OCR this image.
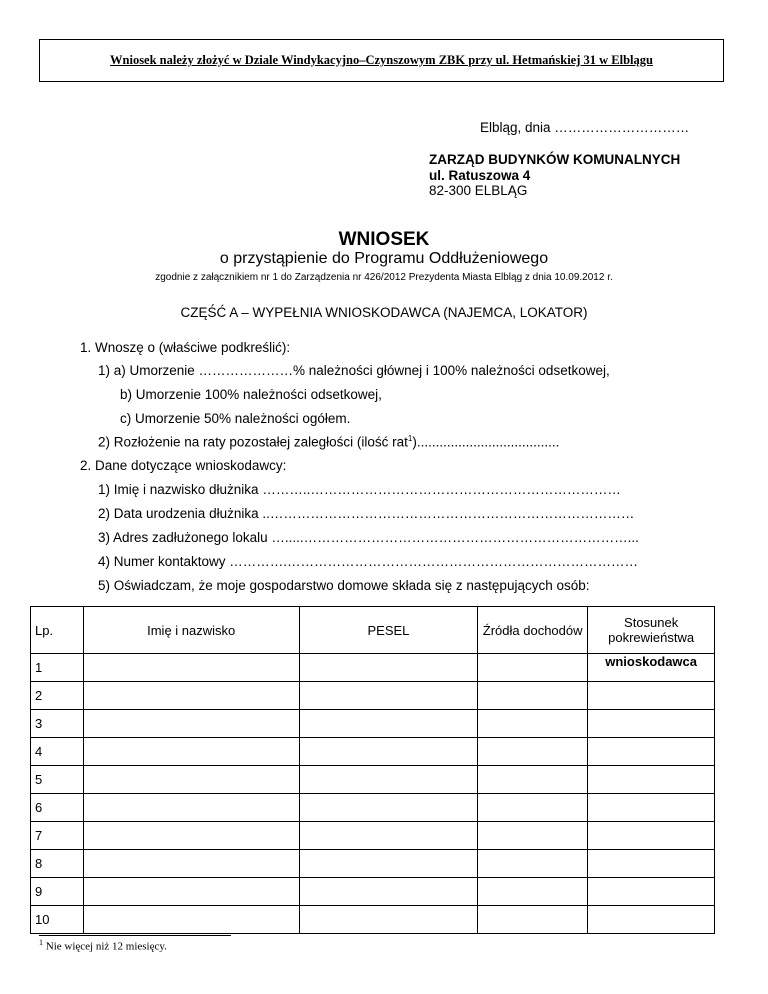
Wniosek należy złożyć w Dziale Windykacyjno–Czynszowym ZBK przy ul. Hetmańskiej 31 w Elblągu
Elbląg, dnia …………………………
ZARZĄD BUDYNKÓW KOMUNALNYCH
ul. Ratuszowa 4
82-300 ELBLĄG
WNIOSEK
o przystąpienie do Programu Oddłużeniowego
zgodnie z załącznikiem nr 1 do Zarządzenia nr 426/2012 Prezydenta Miasta Elbląg z dnia 10.09.2012 r.
CZĘŚĆ A – WYPEŁNIA WNIOSKODAWCA (NAJEMCA, LOKATOR)
1. Wnoszę o (właściwe podkreślić):
1) a) Umorzenie …………………% należności głównej i 100% należności odsetkowej,
b) Umorzenie 100% należności odsetkowej,
c) Umorzenie 50% należności ogółem.
2) Rozłożenie na raty pozostałej zaległości (ilość rat$^1$)......................................
2. Dane dotyczące wnioskodawcy:
1) Imię i nazwisko dłużnika ………..……………………………………………………………
2) Data urodzenia dłużnika ..………………………………………………………………………
3) Adres zadłużonego lokalu ….....………………………………………………………………...
4) Numer kontaktowy ………….……………………………………………………………………
5) Oświadczam, że moje gospodarstwo domowe składa się z następujących osób:
Lp.	Imię i nazwisko	PESEL	Źródła dochodów	Stosunek pokrewieństwa
1				wnioskodawca
2				
3				
4				
5				
6				
7				
8				
9				
10				
$^1$ Nie więcej niż 12 miesięcy.
